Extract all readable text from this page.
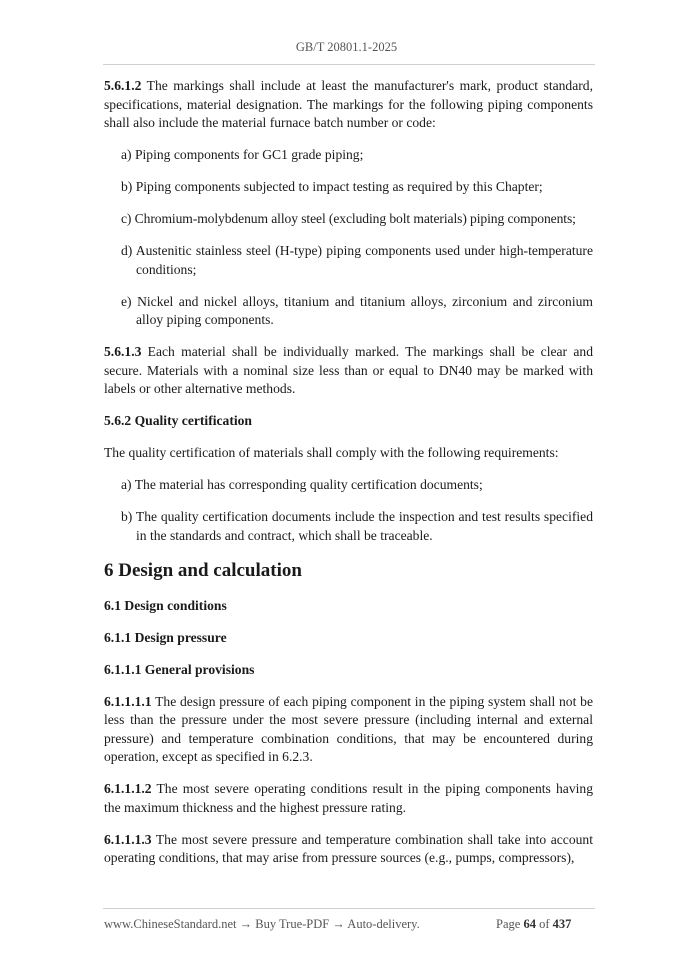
GB/T 20801.1-2025

5.6.1.2 The markings shall include at least the manufacturer's mark, product standard, specifications, material designation. The markings for the following piping components shall also include the material furnace batch number or code:

a) Piping components for GC1 grade piping;

b) Piping components subjected to impact testing as required by this Chapter;

c) Chromium-molybdenum alloy steel (excluding bolt materials) piping components;

d) Austenitic stainless steel (H-type) piping components used under high-temperature conditions;

e) Nickel and nickel alloys, titanium and titanium alloys, zirconium and zirconium alloy piping components.

5.6.1.3 Each material shall be individually marked. The markings shall be clear and secure. Materials with a nominal size less than or equal to DN40 may be marked with labels or other alternative methods.

5.6.2 Quality certification

The quality certification of materials shall comply with the following requirements:

a) The material has corresponding quality certification documents;

b) The quality certification documents include the inspection and test results specified in the standards and contract, which shall be traceable.

6 Design and calculation

6.1 Design conditions

6.1.1 Design pressure

6.1.1.1 General provisions

6.1.1.1.1 The design pressure of each piping component in the piping system shall not be less than the pressure under the most severe pressure (including internal and external pressure) and temperature combination conditions, that may be encountered during operation, except as specified in 6.2.3.

6.1.1.1.2 The most severe operating conditions result in the piping components having the maximum thickness and the highest pressure rating.

6.1.1.1.3 The most severe pressure and temperature combination shall take into account operating conditions, that may arise from pressure sources (e.g., pumps, compressors),

www.ChineseStandard.net → Buy True-PDF → Auto-delivery.	Page 64 of 437
